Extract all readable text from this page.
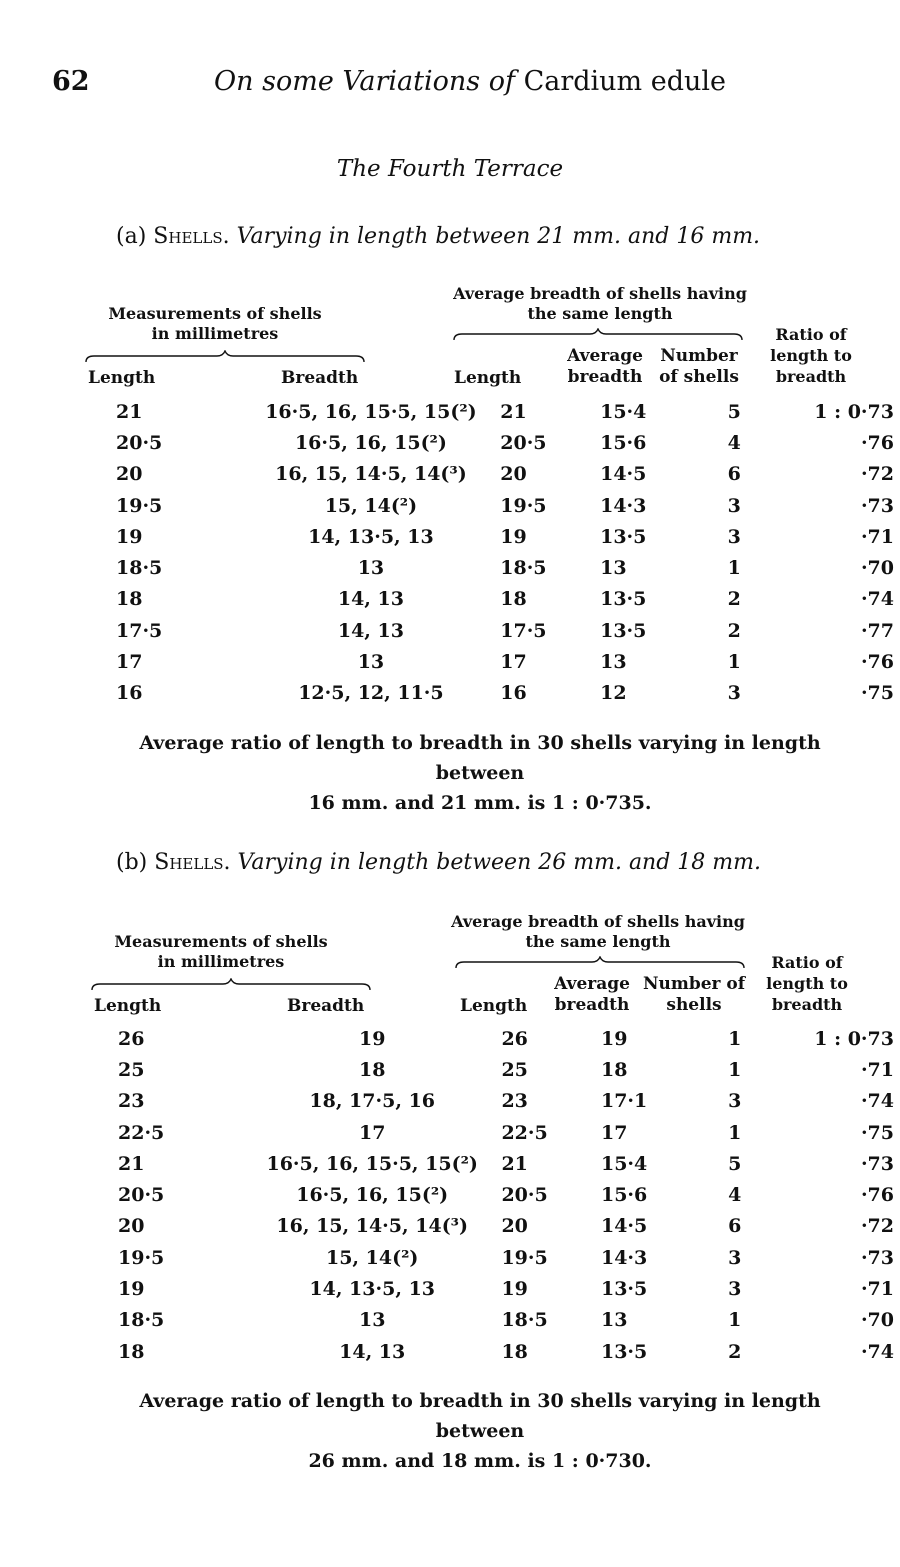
62	On some Variations of Cardium edule
The Fourth Terrace
(a) Shells. Varying in length between 21 mm. and 16 mm.
Measurements of shells
in millimetres
Average breadth of shells having
the same length
Ratio of
length to
breadth
Length	Breadth	Length
Average
breadth
Number
of shells
21	16·5, 16, 15·5, 15(²)	21	15·4	5	1 : 0·73
20·5	16·5, 16, 15(²)	20·5	15·6	4	·76
20	16, 15, 14·5, 14(³)	20	14·5	6	·72
19·5	15, 14(²)	19·5	14·3	3	·73
19	14, 13·5, 13	19	13·5	3	·71
18·5	13	18·5	13	1	·70
18	14, 13	18	13·5	2	·74
17·5	14, 13	17·5	13·5	2	·77
17	13	17	13	1	·76
16	12·5, 12, 11·5	16	12	3	·75
Average ratio of length to breadth in 30 shells varying in length between
16 mm. and 21 mm. is 1 : 0·735.
(b) Shells. Varying in length between 26 mm. and 18 mm.
Measurements of shells
in millimetres
Average breadth of shells having
the same length
Ratio of
length to
breadth
Length	Breadth	Length
Average
breadth
Number of
shells
26	19	26	19	1	1 : 0·73
25	18	25	18	1	·71
23	18, 17·5, 16	23	17·1	3	·74
22·5	17	22·5	17	1	·75
21	16·5, 16, 15·5, 15(²)	21	15·4	5	·73
20·5	16·5, 16, 15(²)	20·5	15·6	4	·76
20	16, 15, 14·5, 14(³)	20	14·5	6	·72
19·5	15, 14(²)	19·5	14·3	3	·73
19	14, 13·5, 13	19	13·5	3	·71
18·5	13	18·5	13	1	·70
18	14, 13	18	13·5	2	·74
Average ratio of length to breadth in 30 shells varying in length between
26 mm. and 18 mm. is 1 : 0·730.
